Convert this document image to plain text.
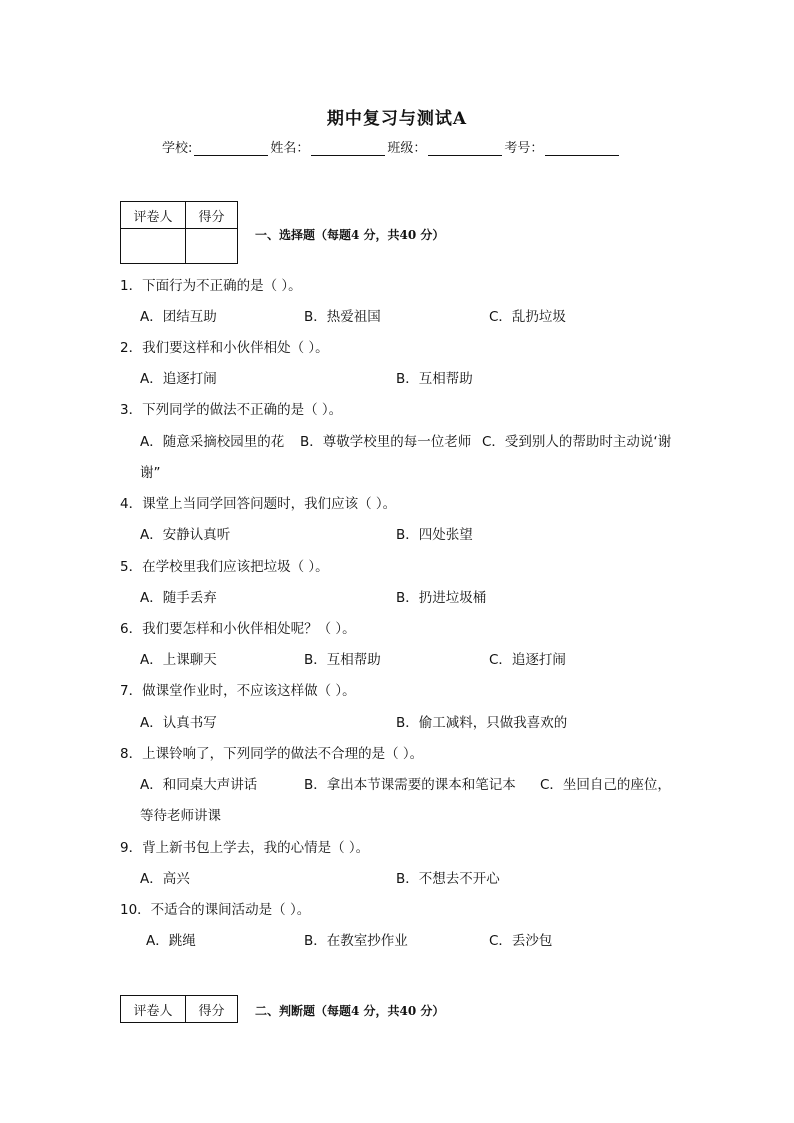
期中复习与测试A
学校:	姓名：	班级：	考号：
评卷人	得分

一、选择题（每题4 分，共40 分）
1．下面行为不正确的是（ ）。
A．团结互助	B．热爱祖国	C．乱扔垃圾
2．我们要这样和小伙伴相处（ ）。
A．追逐打闹	B．互相帮助
3．下列同学的做法不正确的是（ ）。
A．随意采摘校园里的花 B．尊敬学校里的每一位老师 C．受到别人的帮助时主动说‘谢
谢”
4．课堂上当同学回答问题时，我们应该（ ）。
A．安静认真听	B．四处张望
5．在学校里我们应该把垃圾（ ）。
A．随手丢弃	B．扔进垃圾桶
6．我们要怎样和小伙伴相处呢？（ ）。
A．上课聊天	B．互相帮助	C．追逐打闹
7．做课堂作业时，不应该这样做（ ）。
A．认真书写	B．偷工减料，只做我喜欢的
8．上课铃响了，下列同学的做法不合理的是（ ）。
A．和同桌大声讲话	B．拿出本节课需要的课本和笔记本 C．坐回自己的座位，
等待老师讲课
9．背上新书包上学去，我的心情是（ ）。
A．高兴	B．不想去不开心
10．不适合的课间活动是（ ）。
A．跳绳	B．在教室抄作业	C．丢沙包
评卷人	得分	二、判断题（每题4 分，共40 分）
